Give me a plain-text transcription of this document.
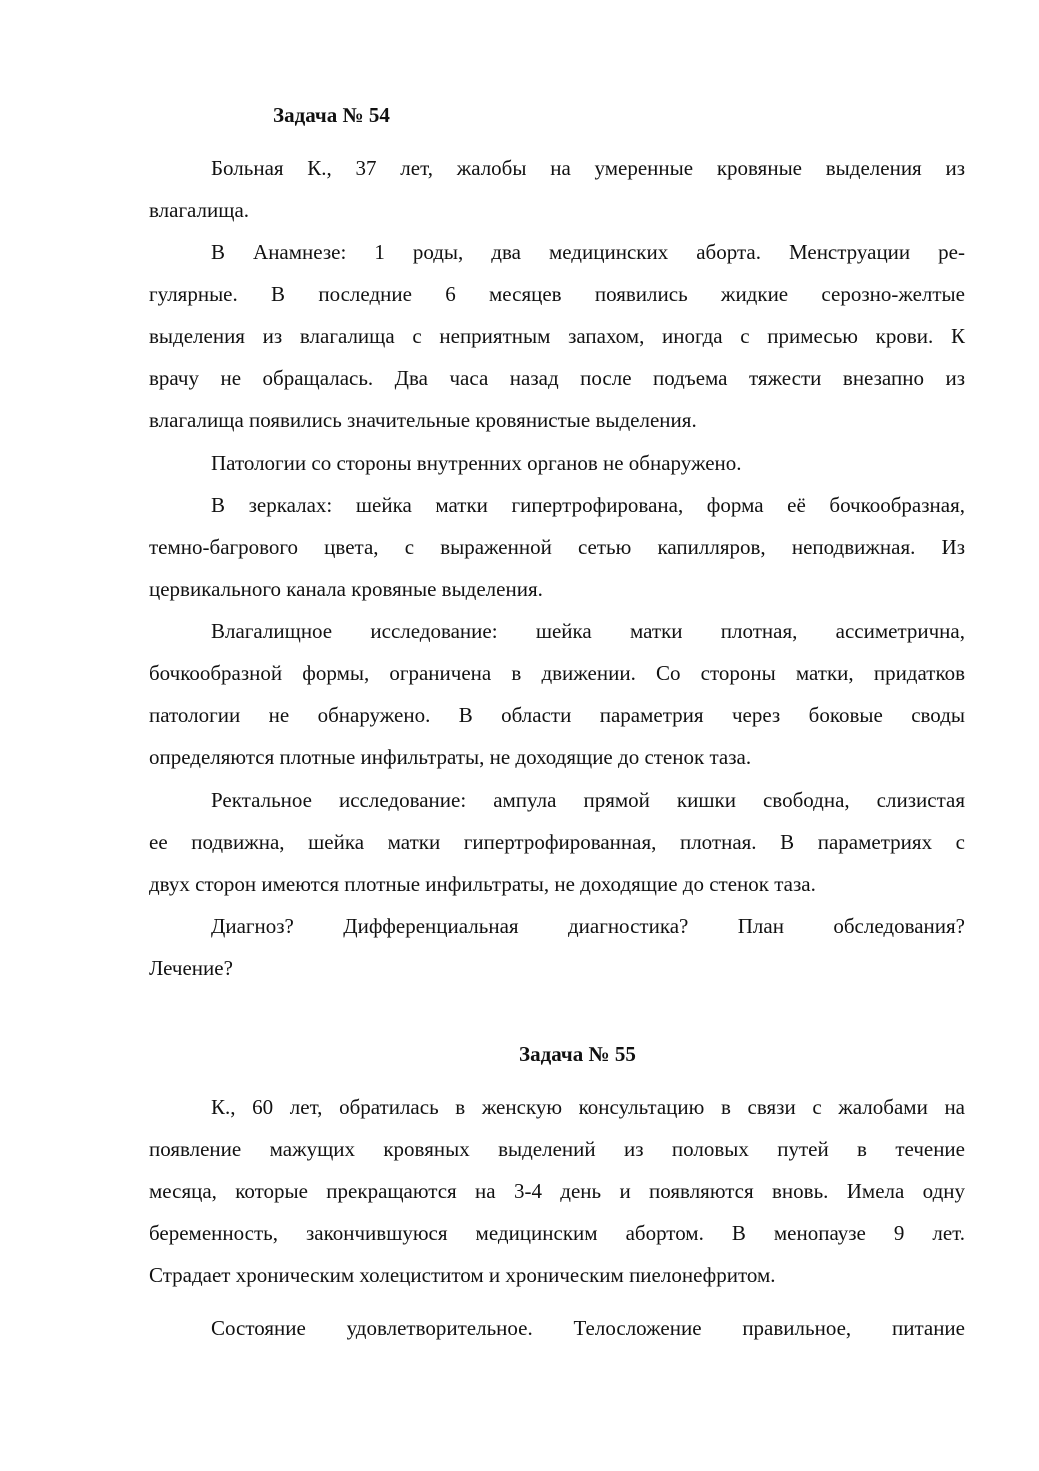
Задача № 54
Больная К., 37 лет, жалобы на умеренные кровяные выделения из
влагалища.
В Анамнезе: 1 роды, два медицинских аборта. Менструации ре-
гулярные. В последние 6 месяцев появились жидкие серозно-желтые
выделения из влагалища с неприятным запахом, иногда с примесью крови. К
врачу не обращалась. Два часа назад после подъема тяжести внезапно из
влагалища появились значительные кровянистые выделения.
Патологии со стороны внутренних органов не обнаружено.
В зеркалах: шейка матки гипертрофирована, форма её бочкообразная,
темно-багрового цвета, с выраженной сетью капилляров, неподвижная. Из
цервикального канала кровяные выделения.
Влагалищное исследование: шейка матки плотная, ассиметрична,
бочкообразной формы, ограничена в движении. Со стороны матки, придатков
патологии не обнаружено. В области параметрия через боковые своды
определяются плотные инфильтраты, не доходящие до стенок таза.
Ректальное исследование: ампула прямой кишки свободна, слизистая
ее подвижна, шейка матки гипертрофированная, плотная. В параметриях с
двух сторон имеются плотные инфильтраты, не доходящие до стенок таза.
Диагноз? Дифференциальная диагностика? План обследования?
Лечение?
Задача № 55
К., 60 лет, обратилась в женскую консультацию в связи с жалобами на
появление мажущих кровяных выделений из половых путей в течение
месяца, которые прекращаются на 3-4 день и появляются вновь. Имела одну
беременность, закончившуюся медицинским абортом. В менопаузе 9 лет.
Страдает хроническим холециститом и хроническим пиелонефритом.
Состояние удовлетворительное. Телосложение правильное, питание
